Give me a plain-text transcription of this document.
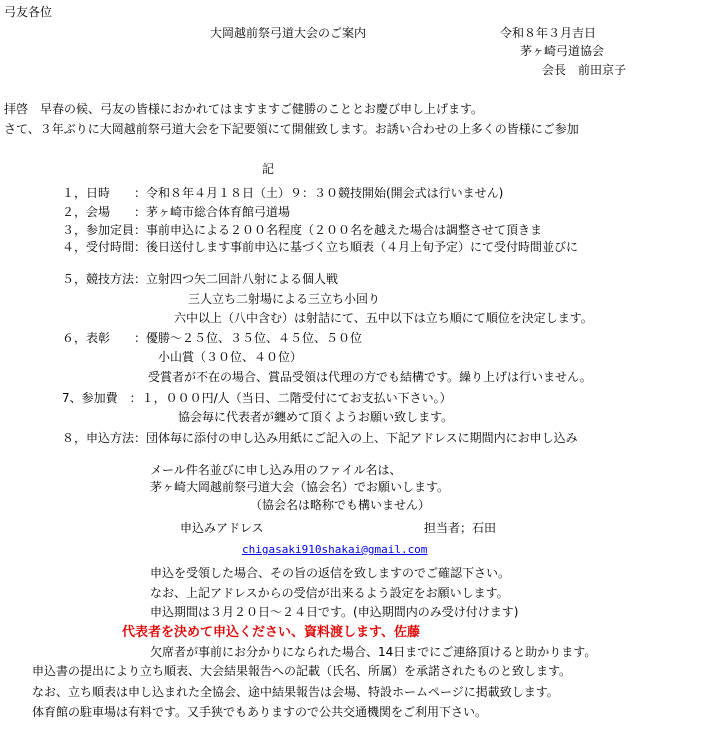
弓友各位
大岡越前祭弓道大会のご案内	令和８年３月吉日
茅ヶ崎弓道協会
会長　前田京子
拝啓　早春の候、弓友の皆様におかれてはますますご健勝のこととお慶び申し上げます。
さて、３年ぶりに大岡越前祭弓道大会を下記要領にて開催致します。お誘い合わせの上多くの皆様にご参加
記
１，日時　　：令和８年４月１８日（土）９：３０競技開始(開会式は行いません)
２，会場　　：茅ヶ崎市総合体育館弓道場
３，参加定員：事前申込による２００名程度（２００名を越えた場合は調整させて頂きま
４，受付時間：後日送付します事前申込に基づく立ち順表（４月上旬予定）にて受付時間並びに
５，競技方法：立射四つ矢二回計八射による個人戦
三人立ち二射場による三立ち小回り
六中以上（八中含む）は射詰にて、五中以下は立ち順にて順位を決定します。
６，表彰　　：優勝～２５位、３５位、４５位、５０位
小山賞（３０位、４０位）
受賞者が不在の場合、賞品受領は代理の方でも結構です。繰り上げは行いません。
7、参加費　：１，０００円/人（当日、二階受付にてお支払い下さい。）
協会毎に代表者が纏めて頂くようお願い致します。
８，申込方法：団体毎に添付の申し込み用紙にご記入の上、下記アドレスに期間内にお申し込み
メール件名並びに申し込み用のファイル名は、
茅ヶ崎大岡越前祭弓道大会（協会名）でお願いします。
（協会名は略称でも構いません）
申込みアドレス	担当者；石田
chigasaki910shakai@gmail.com
申込を受領した場合、その旨の返信を致しますのでご確認下さい。
なお、上記アドレスからの受信が出来るよう設定をお願いします。
申込期間は３月２０日～２４日です。(申込期間内のみ受け付けます)
代表者を決めて申込ください、資料渡します、佐藤
欠席者が事前にお分かりになられた場合、14日までにご連絡頂けると助かります。
申込書の提出により立ち順表、大会結果報告への記載（氏名、所属）を承諾されたものと致します。
なお、立ち順表は申し込まれた全協会、途中結果報告は会場、特設ホームページに掲載致します。
体育館の駐車場は有料です。又手狭でもありますので公共交通機関をご利用下さい。
